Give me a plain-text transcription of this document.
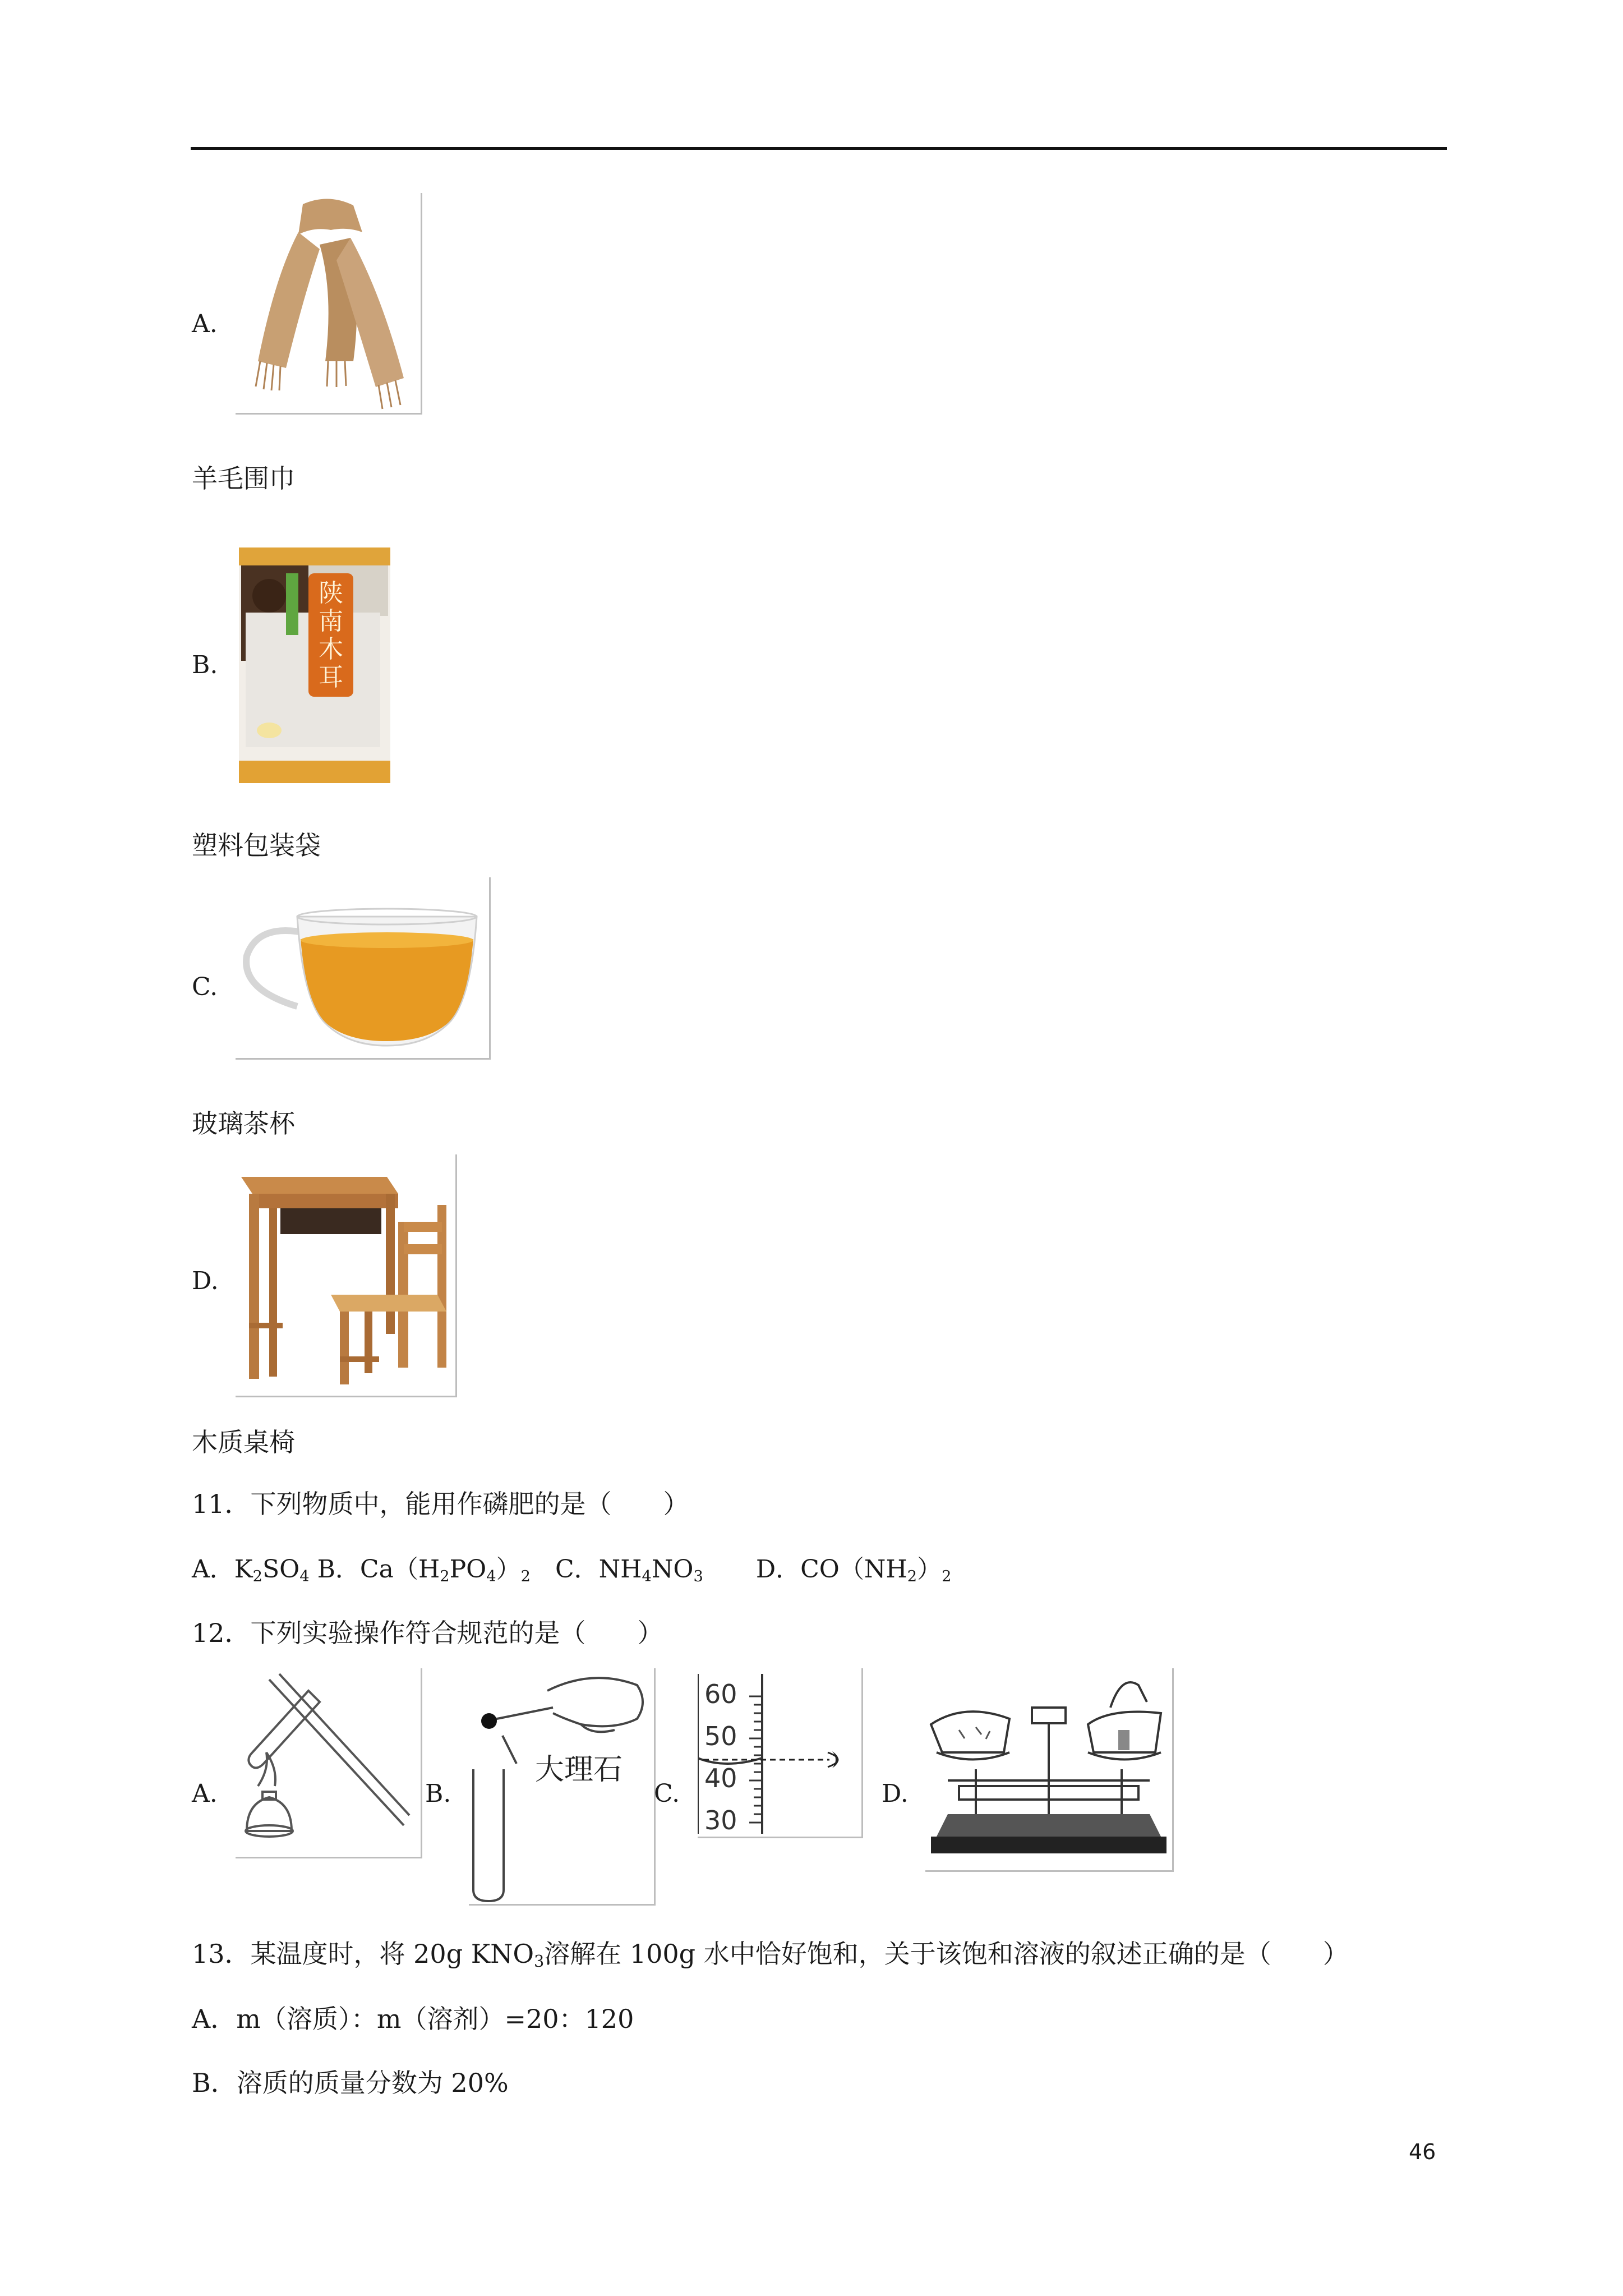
A.
羊毛围巾
B.
陕
南
木
耳
塑料包装袋
C.
玻璃茶杯
D.
木质桌椅
11．下列物质中，能用作磷肥的是（　　）
A．$K_2SO_4$ B．$Ca(H_2PO_4)_2$ C．$NH_4NO_3$ D．$CO(NH_2)_2$
12．下列实验操作符合规范的是（　　）
A.	B.
大理石
C.
60
50
40
30
D.
13．某温度时，将 20g $KNO_3$溶解在 100g 水中恰好饱和，关于该饱和溶液的叙述正确的是（　　）
A．m（溶质）：m（溶剂）=20：120
B．溶质的质量分数为 20%
46
